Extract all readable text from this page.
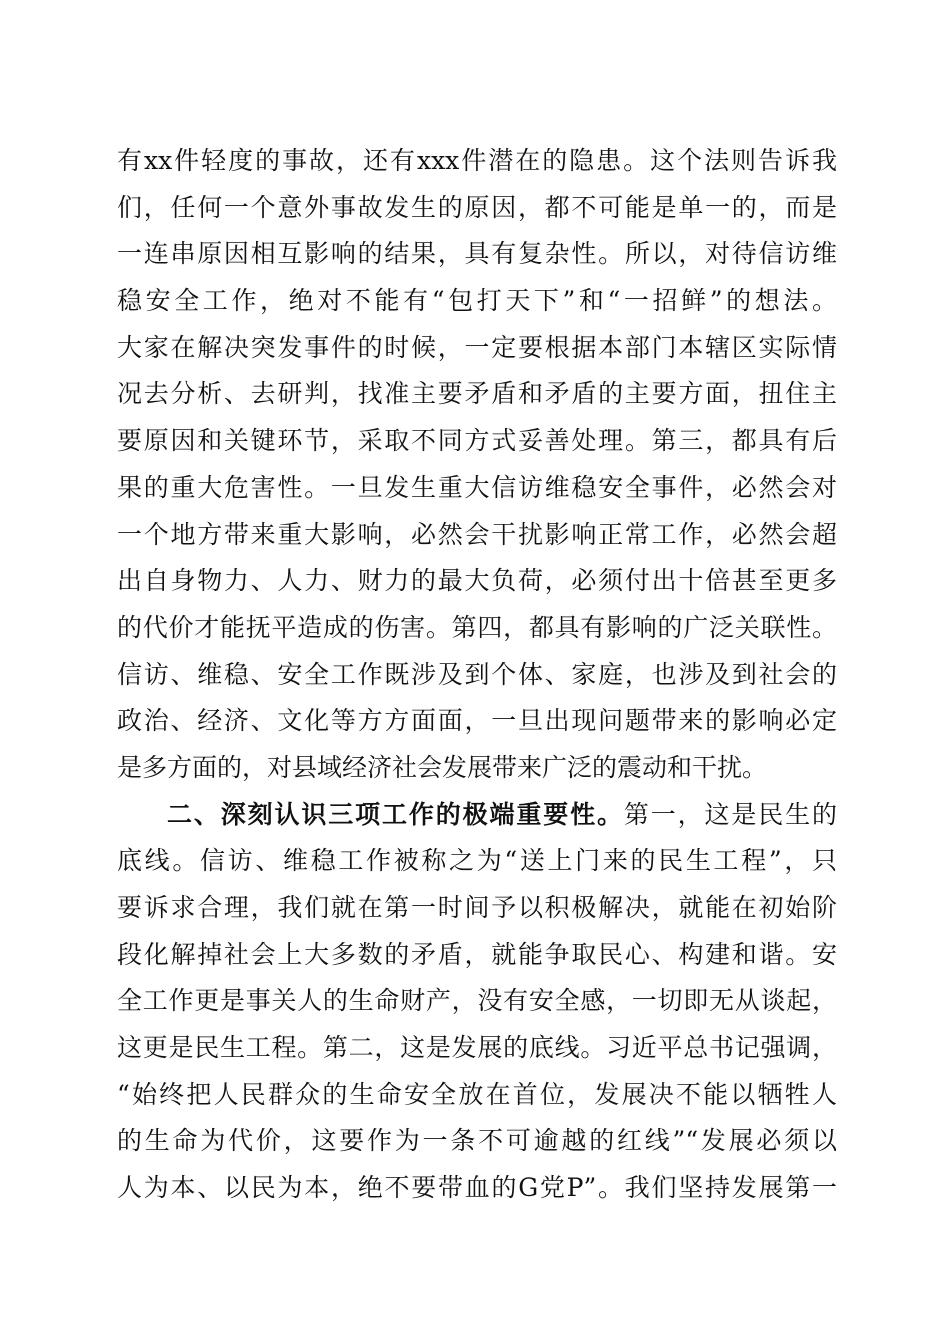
有xx件轻度的事故，还有xxx件潜在的隐患。这个法则告诉我
们，任何一个意外事故发生的原因，都不可能是单一的，而是
一连串原因相互影响的结果，具有复杂性。所以，对待信访维
稳安全工作，绝对不能有“包打天下”和“一招鲜”的想法。
大家在解决突发事件的时候，一定要根据本部门本辖区实际情
况去分析、去研判，找准主要矛盾和矛盾的主要方面，扭住主
要原因和关键环节，采取不同方式妥善处理。第三，都具有后
果的重大危害性。一旦发生重大信访维稳安全事件，必然会对
一个地方带来重大影响，必然会干扰影响正常工作，必然会超
出自身物力、人力、财力的最大负荷，必须付出十倍甚至更多
的代价才能抚平造成的伤害。第四，都具有影响的广泛关联性。
信访、维稳、安全工作既涉及到个体、家庭，也涉及到社会的
政治、经济、文化等方方面面，一旦出现问题带来的影响必定
是多方面的，对县域经济社会发展带来广泛的震动和干扰。
二、深刻认识三项工作的极端重要性。第一，这是民生的
底线。信访、维稳工作被称之为“送上门来的民生工程”，只
要诉求合理，我们就在第一时间予以积极解决，就能在初始阶
段化解掉社会上大多数的矛盾，就能争取民心、构建和谐。安
全工作更是事关人的生命财产，没有安全感，一切即无从谈起，
这更是民生工程。第二，这是发展的底线。习近平总书记强调，
“始终把人民群众的生命安全放在首位，发展决不能以牺牲人
的生命为代价，这要作为一条不可逾越的红线”“发展必须以
人为本、以民为本，绝不要带血的G党P”。我们坚持发展第一
